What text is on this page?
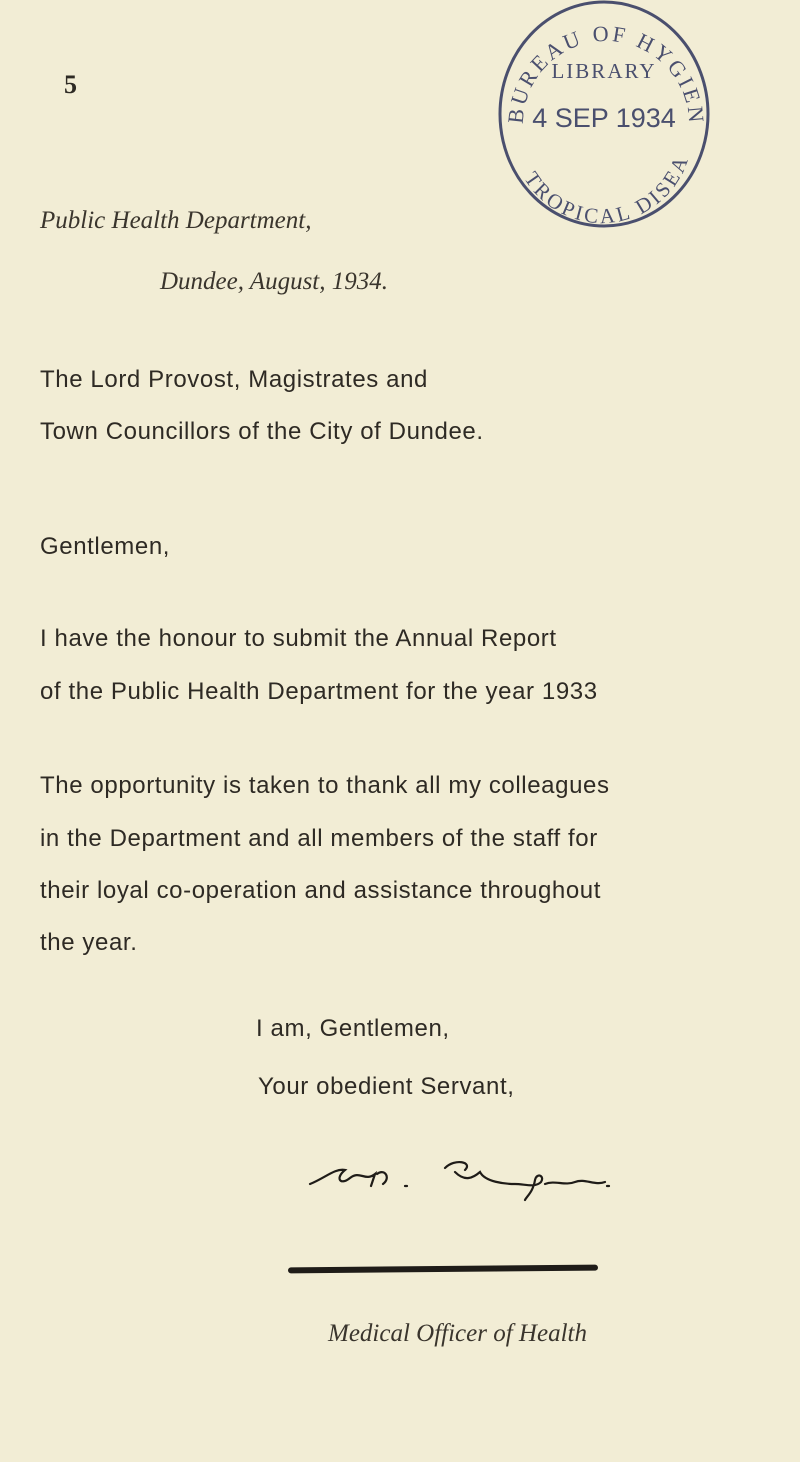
5
BUREAU OF HYGIEN
LIBRARY
4 SEP 1934
TROPICAL DISEA
Public Health Department,
Dundee, August, 1934.
The Lord Provost, Magistrates and
Town Councillors of the City of Dundee.
Gentlemen,
I have the honour to submit the Annual Report
of the Public Health Department for the year 1933
The opportunity is taken to thank all my colleagues
in the Department and all members of the staff for
their loyal co-operation and assistance throughout
the year.
I am, Gentlemen,
Your obedient Servant,
Medical Officer of Health
